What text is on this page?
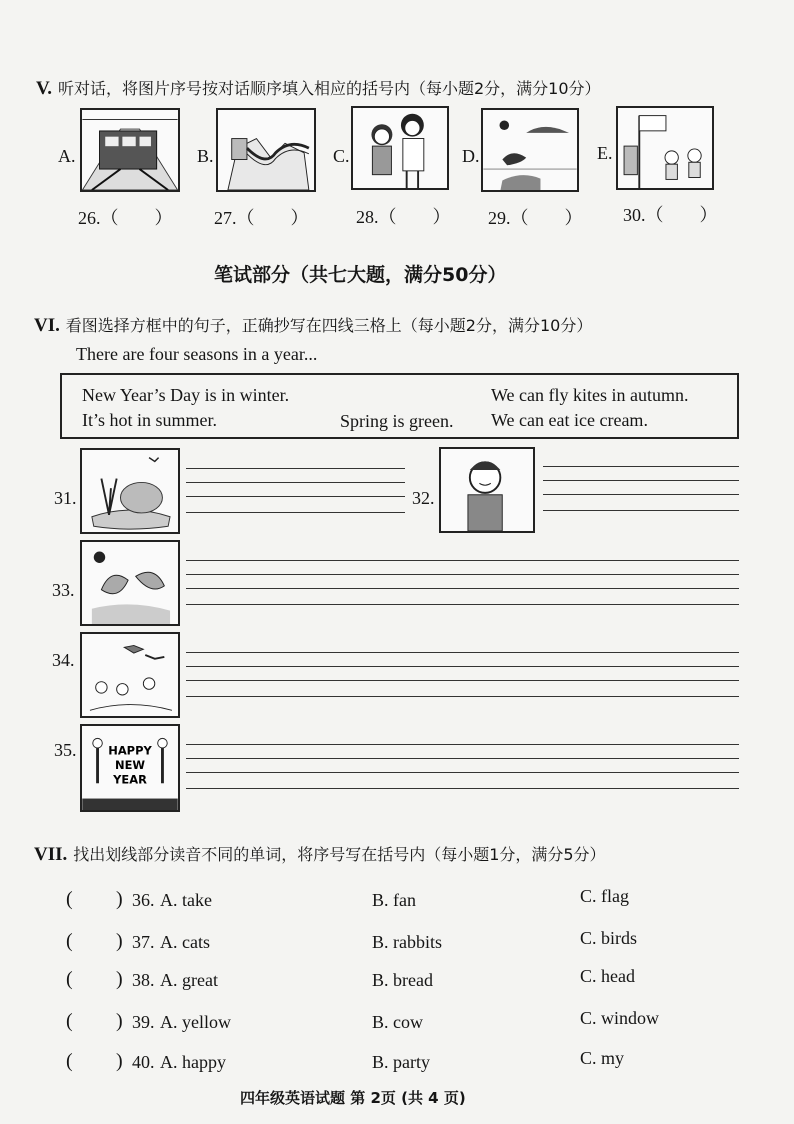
V. 听对话，将图片序号按对话顺序填入相应的括号内（每小题2分，满分10分）
A.	B.	C.	D.	E.
26.（　　） 27.（　　）	28.（　　） 29.（　　） 30.（　　）
笔试部分（共七大题，满分50分）
VI. 看图选择方框中的句子，正确抄写在四线三格上（每小题2分，满分10分）
There are four seasons in a year...
New Year’s Day is in winter.	We can fly kites in autumn.
It’s hot in summer.	Spring is green. We can eat ice cream.
31.	32.
33.
34.
35.	HAPPY
NEW
YEAR
VII. 找出划线部分读音不同的单词，将序号写在括号内（每小题1分，满分5分）
( ) 36. A. take	B. fan	C. flag
( ) 37. A. cats	B. rabbits	C. birds
( ) 38. A. great	B. bread	C. head
( ) 39. A. yellow	B. cow	C. window
( ) 40. A. happy	B. party	C. my
四年级英语试题 第 2页 (共 4 页)
